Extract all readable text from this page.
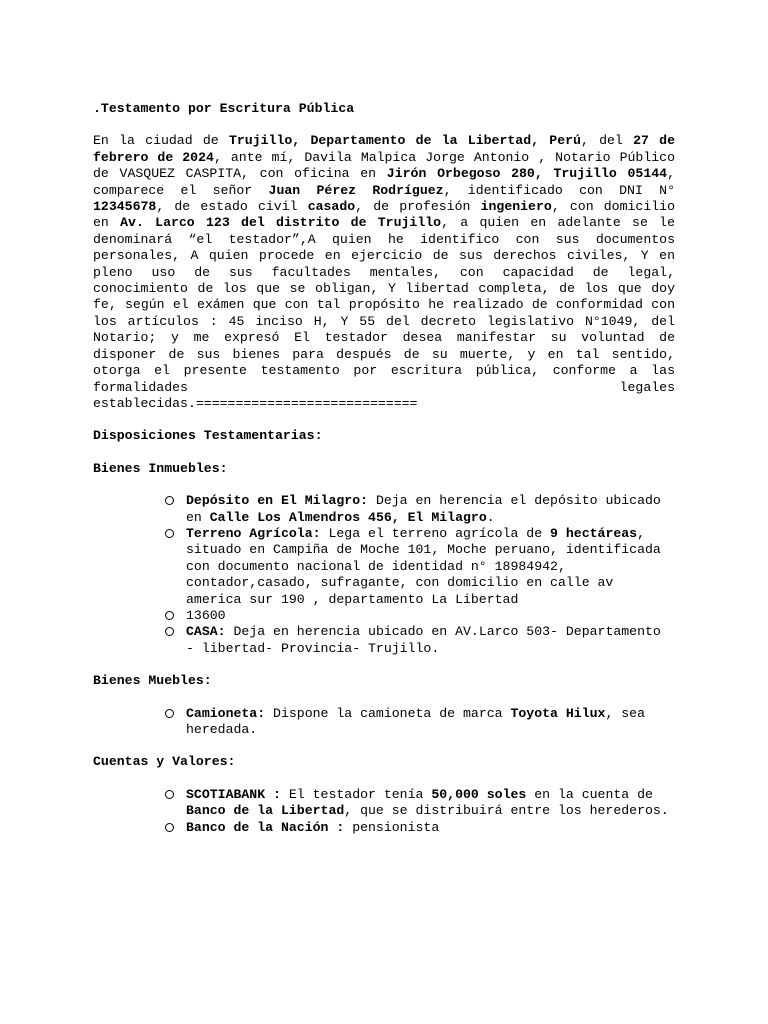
.Testamento por Escritura Pública

En la ciudad de Trujillo, Departamento de la Libertad, Perú, del 27 de febrero de 2024, ante mí, Davila Malpica Jorge Antonio , Notario Público de VASQUEZ CASPITA, con oficina en Jirón Orbegoso 280, Trujillo 05144, comparece el señor Juan Pérez Rodríguez, identificado con DNI N° 12345678, de estado civil casado, de profesión ingeniero, con domicilio en Av. Larco 123 del distrito de Trujillo, a quien en adelante se le denominará “el testador”,A quien he identifico con sus documentos personales, A quien procede en ejercicio de sus derechos civiles, Y en pleno uso de sus facultades mentales, con capacidad de legal, conocimiento de los que se obligan, Y libertad completa, de los que doy fe, según el exámen que con tal propósito he realizado de conformidad con los artículos : 45 inciso H, Y 55 del decreto legislativo N°1049, del Notario; y me expresó El testador desea manifestar su voluntad de disponer de sus bienes para después de su muerte, y en tal sentido, otorga el presente testamento por escritura pública, conforme a las formalidades legales

establecidas.============================

Disposiciones Testamentarias:

Bienes Inmuebles:

Depósito en El Milagro: Deja en herencia el depósito ubicado en Calle Los Almendros 456, El Milagro.
Terreno Agrícola: Lega el terreno agrícola de 9 hectáreas, situado en Campiña de Moche 101, Moche peruano, identificada con documento nacional de identidad n° 18984942, contador,casado, sufragante, con domicilio en calle av america sur 190 , departamento La Libertad
13600
CASA: Deja en herencia ubicado en AV.Larco 503- Departamento - libertad- Provincia- Trujillo.

Bienes Muebles:

Camioneta: Dispone la camioneta de marca Toyota Hilux, sea heredada.

Cuentas y Valores:

SCOTIABANK : El testador tenía 50,000 soles en la cuenta de Banco de la Libertad, que se distribuirá entre los herederos.
Banco de la Nación : pensionista
